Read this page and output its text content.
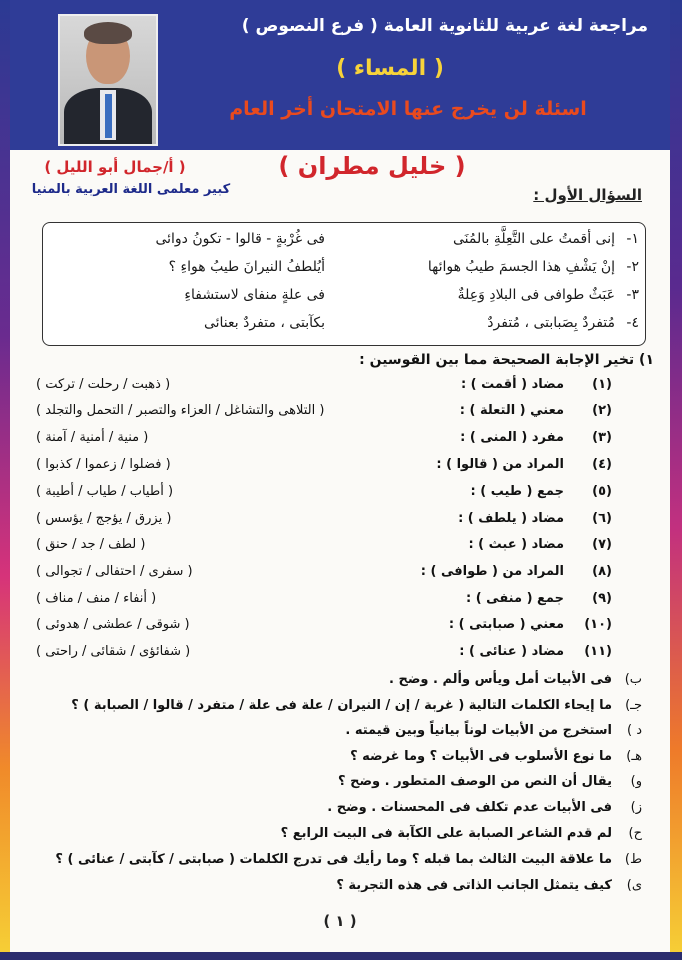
مراجعة لغة عربية للثانوية العامة ( فرع النصوص )
( المساء )
اسئلة لن يخرج عنها الامتحان أخر العام
( أ/جمال أبو الليل )	( خليل مطران )
كبير معلمى اللغة العربية بالمنيا	السؤال الأول :
١-
إنى أقمتُ على التَّعِلَّةِ بالمُنَى
فى غُرْبةٍ - قالوا - تكونُ دوائى
٢-
إنْ يَشْفِ هذا الجسمَ طيبُ هوائها
أيُلطفُ النيرانَ طيبُ هواءِ ؟
٣-
عَبَثٌ طوافى فى البلادِ وَعِلةٌ
فى علةٍ منفاى لاستشفاءِ
٤-
مُتفردٌ بِصَبابتى ، مُتفردٌ
بكآبتى ، متفردٌ بعنائى
١) تخير الإجابة الصحيحة مما بين القوسين :
(١)
مضاد ( أقمت ) :
( ذهبت / رحلت / تركت )
(٢)
معني ( التعلة ) :
( التلاهى والتشاغل / العزاء والتصبر / التحمل والتجلد )
(٣)
مفرد ( المنى ) :
( منية / أمنية / آمنة )
(٤)
المراد من ( قالوا ) :
( فضلوا / زعموا / كذبوا )
(٥)
جمع ( طيب ) :
( أطياب / طياب / أطيبة )
(٦)
مضاد ( يلطف ) :
( يزرق / يؤجج / يؤسس )
(٧)
مضاد ( عبث ) :
( لطف / جد / حنق )
(٨)
المراد من ( طوافى ) :
( سفرى / احتفالى / تجوالى )
(٩)
جمع ( منفى ) :
( أنفاء / منف / مناف )
(١٠)
معني ( صبابتى ) :
( شوقى / عطشى / هدوئى )
(١١)
مضاد ( عنائى ) :
( شفائؤى / شقائى / راحتى )
ب)
فى الأبيات أمل ويأس وألم . وضح .
جـ)
ما إيحاء الكلمات التالية ( غربة / إن / النيران / علة فى علة / متفرد / قالوا / الصبابة ) ؟
د )
استخرج من الأبيات لوناً بيانياً وبين قيمته .
هـ)
ما نوع الأسلوب فى الأبيات ؟ وما غرضه ؟
و)
يقال أن النص من الوصف المتطور . وضح ؟
ز)
فى الأبيات عدم تكلف فى المحسنات . وضح .
ح)
لم قدم الشاعر الصبابة على الكآبة فى البيت الرابع ؟
ط)
ما علاقة البيت الثالث بما قبله ؟ وما رأيك فى تدرج الكلمات ( صبابتى / كآبتى / عنائى ) ؟
ى)
كيف يتمثل الجانب الذاتى فى هذه التجربة ؟
( ١ )
